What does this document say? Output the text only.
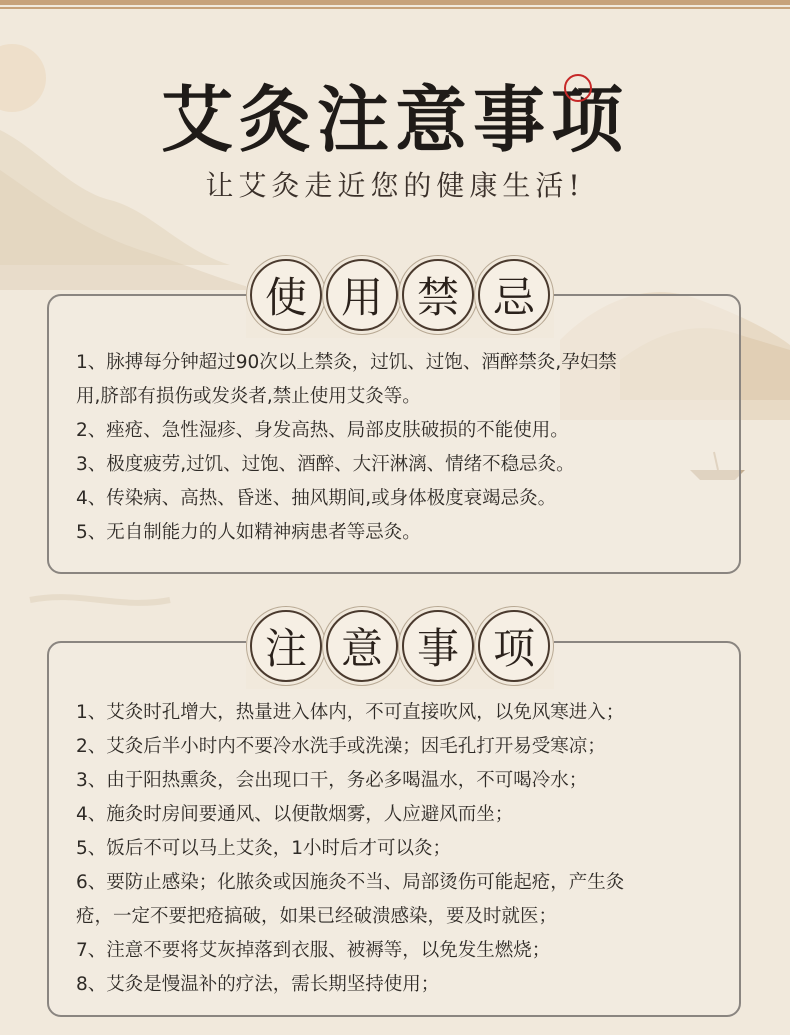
艾灸注意事项
让艾灸走近您的健康生活!
使 用 禁 忌
1、脉搏每分钟超过90次以上禁灸，过饥、过饱、酒醉禁灸,孕妇禁
用,脐部有损伤或发炎者,禁止使用艾灸等。
2、痤疮、急性湿疹、身发高热、局部皮肤破损的不能使用。
3、极度疲劳,过饥、过饱、酒醉、大汗淋漓、情绪不稳忌灸。
4、传染病、高热、昏迷、抽风期间,或身体极度衰竭忌灸。
5、无自制能力的人如精神病患者等忌灸。
注 意 事 项
1、艾灸时孔增大，热量进入体内，不可直接吹风，以免风寒进入；
2、艾灸后半小时内不要冷水洗手或洗澡；因毛孔打开易受寒凉；
3、由于阳热熏灸，会出现口干，务必多喝温水，不可喝冷水；
4、施灸时房间要通风、以便散烟雾，人应避风而坐；
5、饭后不可以马上艾灸，1小时后才可以灸；
6、要防止感染；化脓灸或因施灸不当、局部烫伤可能起疮，产生灸
疮，一定不要把疮搞破，如果已经破溃感染，要及时就医；
7、注意不要将艾灰掉落到衣服、被褥等，以免发生燃烧；
8、艾灸是慢温补的疗法，需长期坚持使用；
